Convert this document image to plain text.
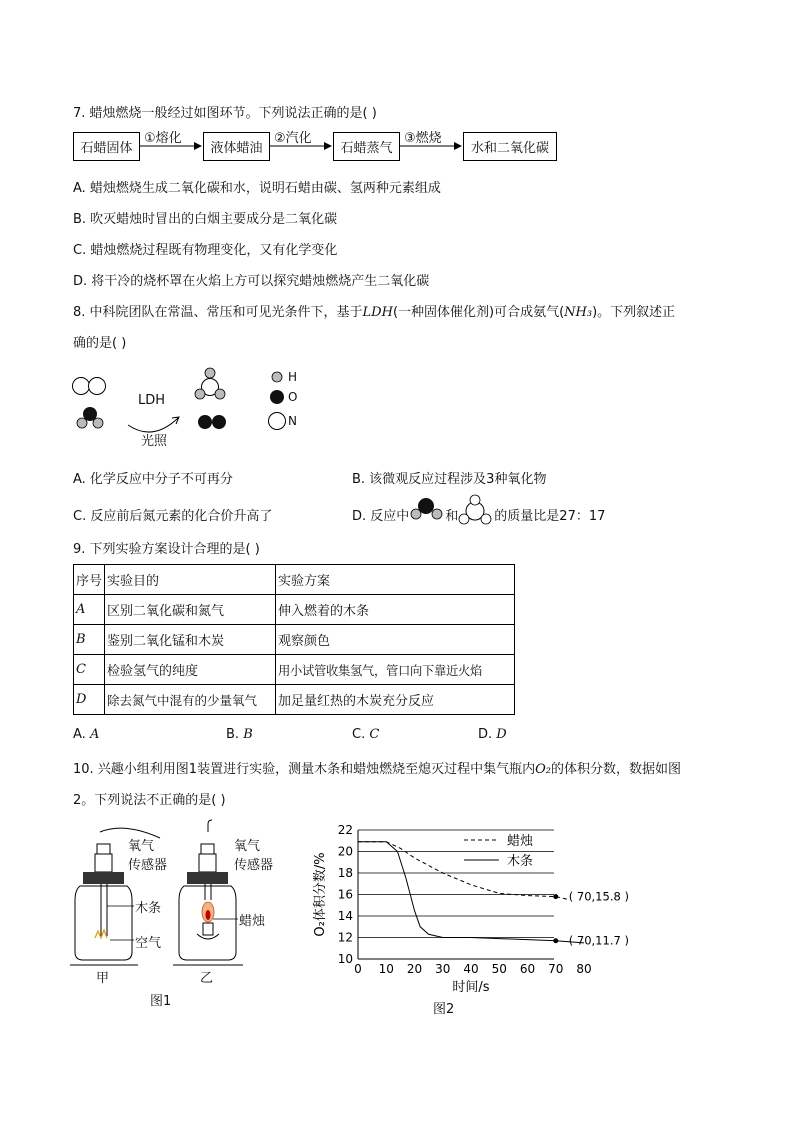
7. 蜡烛燃烧一般经过如图环节。下列说法正确的是( )
石蜡固体	液体蜡油	石蜡蒸气	水和二氧化碳
①熔化	②汽化	③燃烧
A. 蜡烛燃烧生成二氧化碳和水，说明石蜡由碳、氢两种元素组成
B. 吹灭蜡烛时冒出的白烟主要成分是二氧化碳
C. 蜡烛燃烧过程既有物理变化，又有化学变化
D. 将干冷的烧杯罩在火焰上方可以探究蜡烛燃烧产生二氧化碳
8. 中科院团队在常温、常压和可见光条件下，基于LDH(一种固体催化剂)可合成氨气(NH₃)。下列叙述正
确的是( )
LDH
光照
H
O
N
A. 化学反应中分子不可再分	B. 该微观反应过程涉及3种氧化物
C. 反应前后氮元素的化合价升高了	D. 反应中	和	的质量比是27：17
9. 下列实验方案设计合理的是( )
序号	实验目的	实验方案
A	区别二氧化碳和氮气	伸入燃着的木条
B	鉴别二氧化锰和木炭	观察颜色
C	检验氢气的纯度	用小试管收集氢气，管口向下靠近火焰
D	除去氮气中混有的少量氧气	加足量红热的木炭充分反应
A. A	B. B	C. C	D. D
10. 兴趣小组利用图1装置进行实验，测量木条和蜡烛燃烧至熄灭过程中集气瓶内O₂的体积分数，数据如图
2。下列说法不正确的是( )
氧气
传感器
氧气
传感器
木条
空气
蜡烛
甲	乙
图1
10
12
14
16
18
20
22
0 10 20 30 40 50 60 70 80
时间/s
O₂体积分数/%
蜡烛
木条
( 70,15.8 )
( 70,11.7 )
图2
